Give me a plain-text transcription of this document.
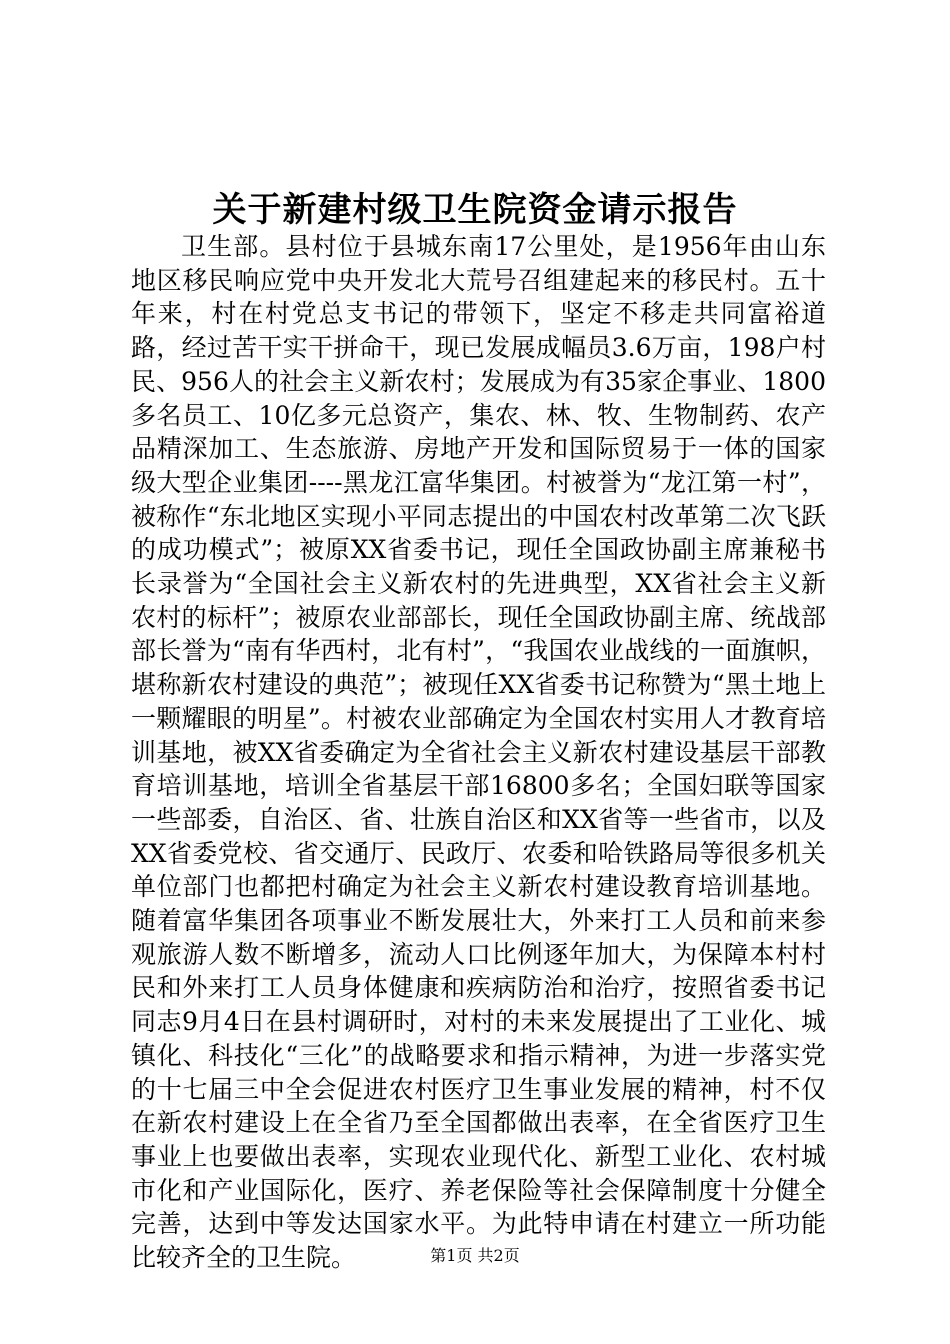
关于新建村级卫生院资金请示报告

卫生部。县村位于县城东南17公里处，是1956年由山东地区移民响应党中央开发北大荒号召组建起来的移民村。五十年来，村在村党总支书记的带领下，坚定不移走共同富裕道路，经过苦干实干拼命干，现已发展成幅员3.6万亩，198户村民、956人的社会主义新农村；发展成为有35家企事业、1800多名员工、10亿多元总资产，集农、林、牧、生物制药、农产品精深加工、生态旅游、房地产开发和国际贸易于一体的国家级大型企业集团----黑龙江富华集团。村被誉为“龙江第一村”，被称作“东北地区实现小平同志提出的中国农村改革第二次飞跃的成功模式”；被原XX省委书记，现任全国政协副主席兼秘书长录誉为“全国社会主义新农村的先进典型，XX省社会主义新农村的标杆”；被原农业部部长，现任全国政协副主席、统战部部长誉为“南有华西村，北有村”，“我国农业战线的一面旗帜，堪称新农村建设的典范”；被现任XX省委书记称赞为“黑土地上一颗耀眼的明星”。村被农业部确定为全国农村实用人才教育培训基地，被XX省委确定为全省社会主义新农村建设基层干部教育培训基地，培训全省基层干部16800多名；全国妇联等国家一些部委，自治区、省、壮族自治区和XX省等一些省市，以及XX省委党校、省交通厅、民政厅、农委和哈铁路局等很多机关单位部门也都把村确定为社会主义新农村建设教育培训基地。随着富华集团各项事业不断发展壮大，外来打工人员和前来参观旅游人数不断增多，流动人口比例逐年加大，为保障本村村民和外来打工人员身体健康和疾病防治和治疗，按照省委书记同志9月4日在县村调研时，对村的未来发展提出了工业化、城镇化、科技化“三化”的战略要求和指示精神，为进一步落实党的十七届三中全会促进农村医疗卫生事业发展的精神，村不仅在新农村建设上在全省乃至全国都做出表率，在全省医疗卫生事业上也要做出表率，实现农业现代化、新型工业化、农村城市化和产业国际化，医疗、养老保险等社会保障制度十分健全完善，达到中等发达国家水平。为此特申请在村建立一所功能比较齐全的卫生院。	第1页 共2页
